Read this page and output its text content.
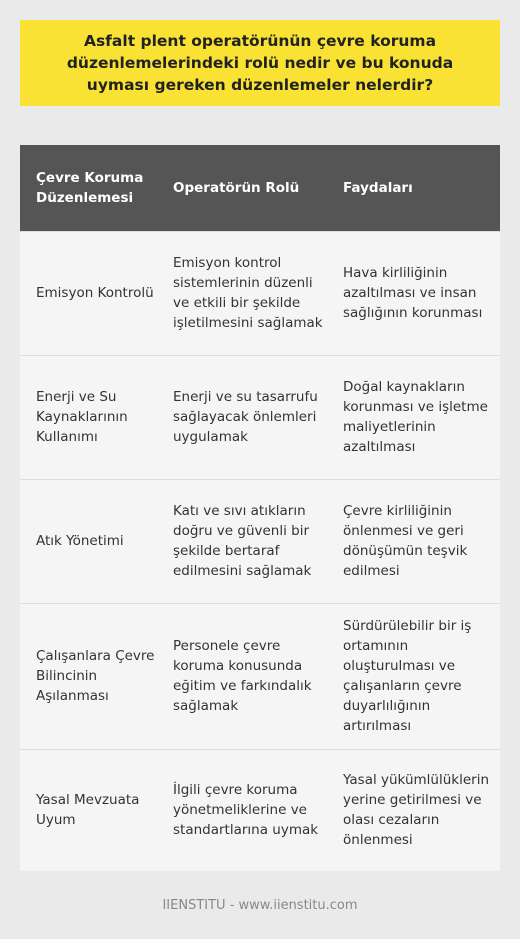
Asfalt plent operatörünün çevre koruma düzenlemelerindeki rolü nedir ve bu konuda uyması gereken düzenlemeler nelerdir?
Çevre Koruma Düzenlemesi	Operatörün Rolü	Faydaları
Emisyon Kontrolü	Emisyon kontrol sistemlerinin düzenli ve etkili bir şekilde işletilmesini sağlamak	Hava kirliliğinin azaltılması ve insan sağlığının korunması
Enerji ve Su Kaynaklarının Kullanımı	Enerji ve su tasarrufu sağlayacak önlemleri uygulamak	Doğal kaynakların korunması ve işletme maliyetlerinin azaltılması
Atık Yönetimi	Katı ve sıvı atıkların doğru ve güvenli bir şekilde bertaraf edilmesini sağlamak	Çevre kirliliğinin önlenmesi ve geri dönüşümün teşvik edilmesi
Çalışanlara Çevre Bilincinin Aşılanması	Personele çevre koruma konusunda eğitim ve farkındalık sağlamak	Sürdürülebilir bir iş ortamının oluşturulması ve çalışanların çevre duyarlılığının artırılması
Yasal Mevzuata Uyum	İlgili çevre koruma yönetmeliklerine ve standartlarına uymak	Yasal yükümlülüklerin yerine getirilmesi ve olası cezaların önlenmesi
IIENSTITU - www.iienstitu.com
